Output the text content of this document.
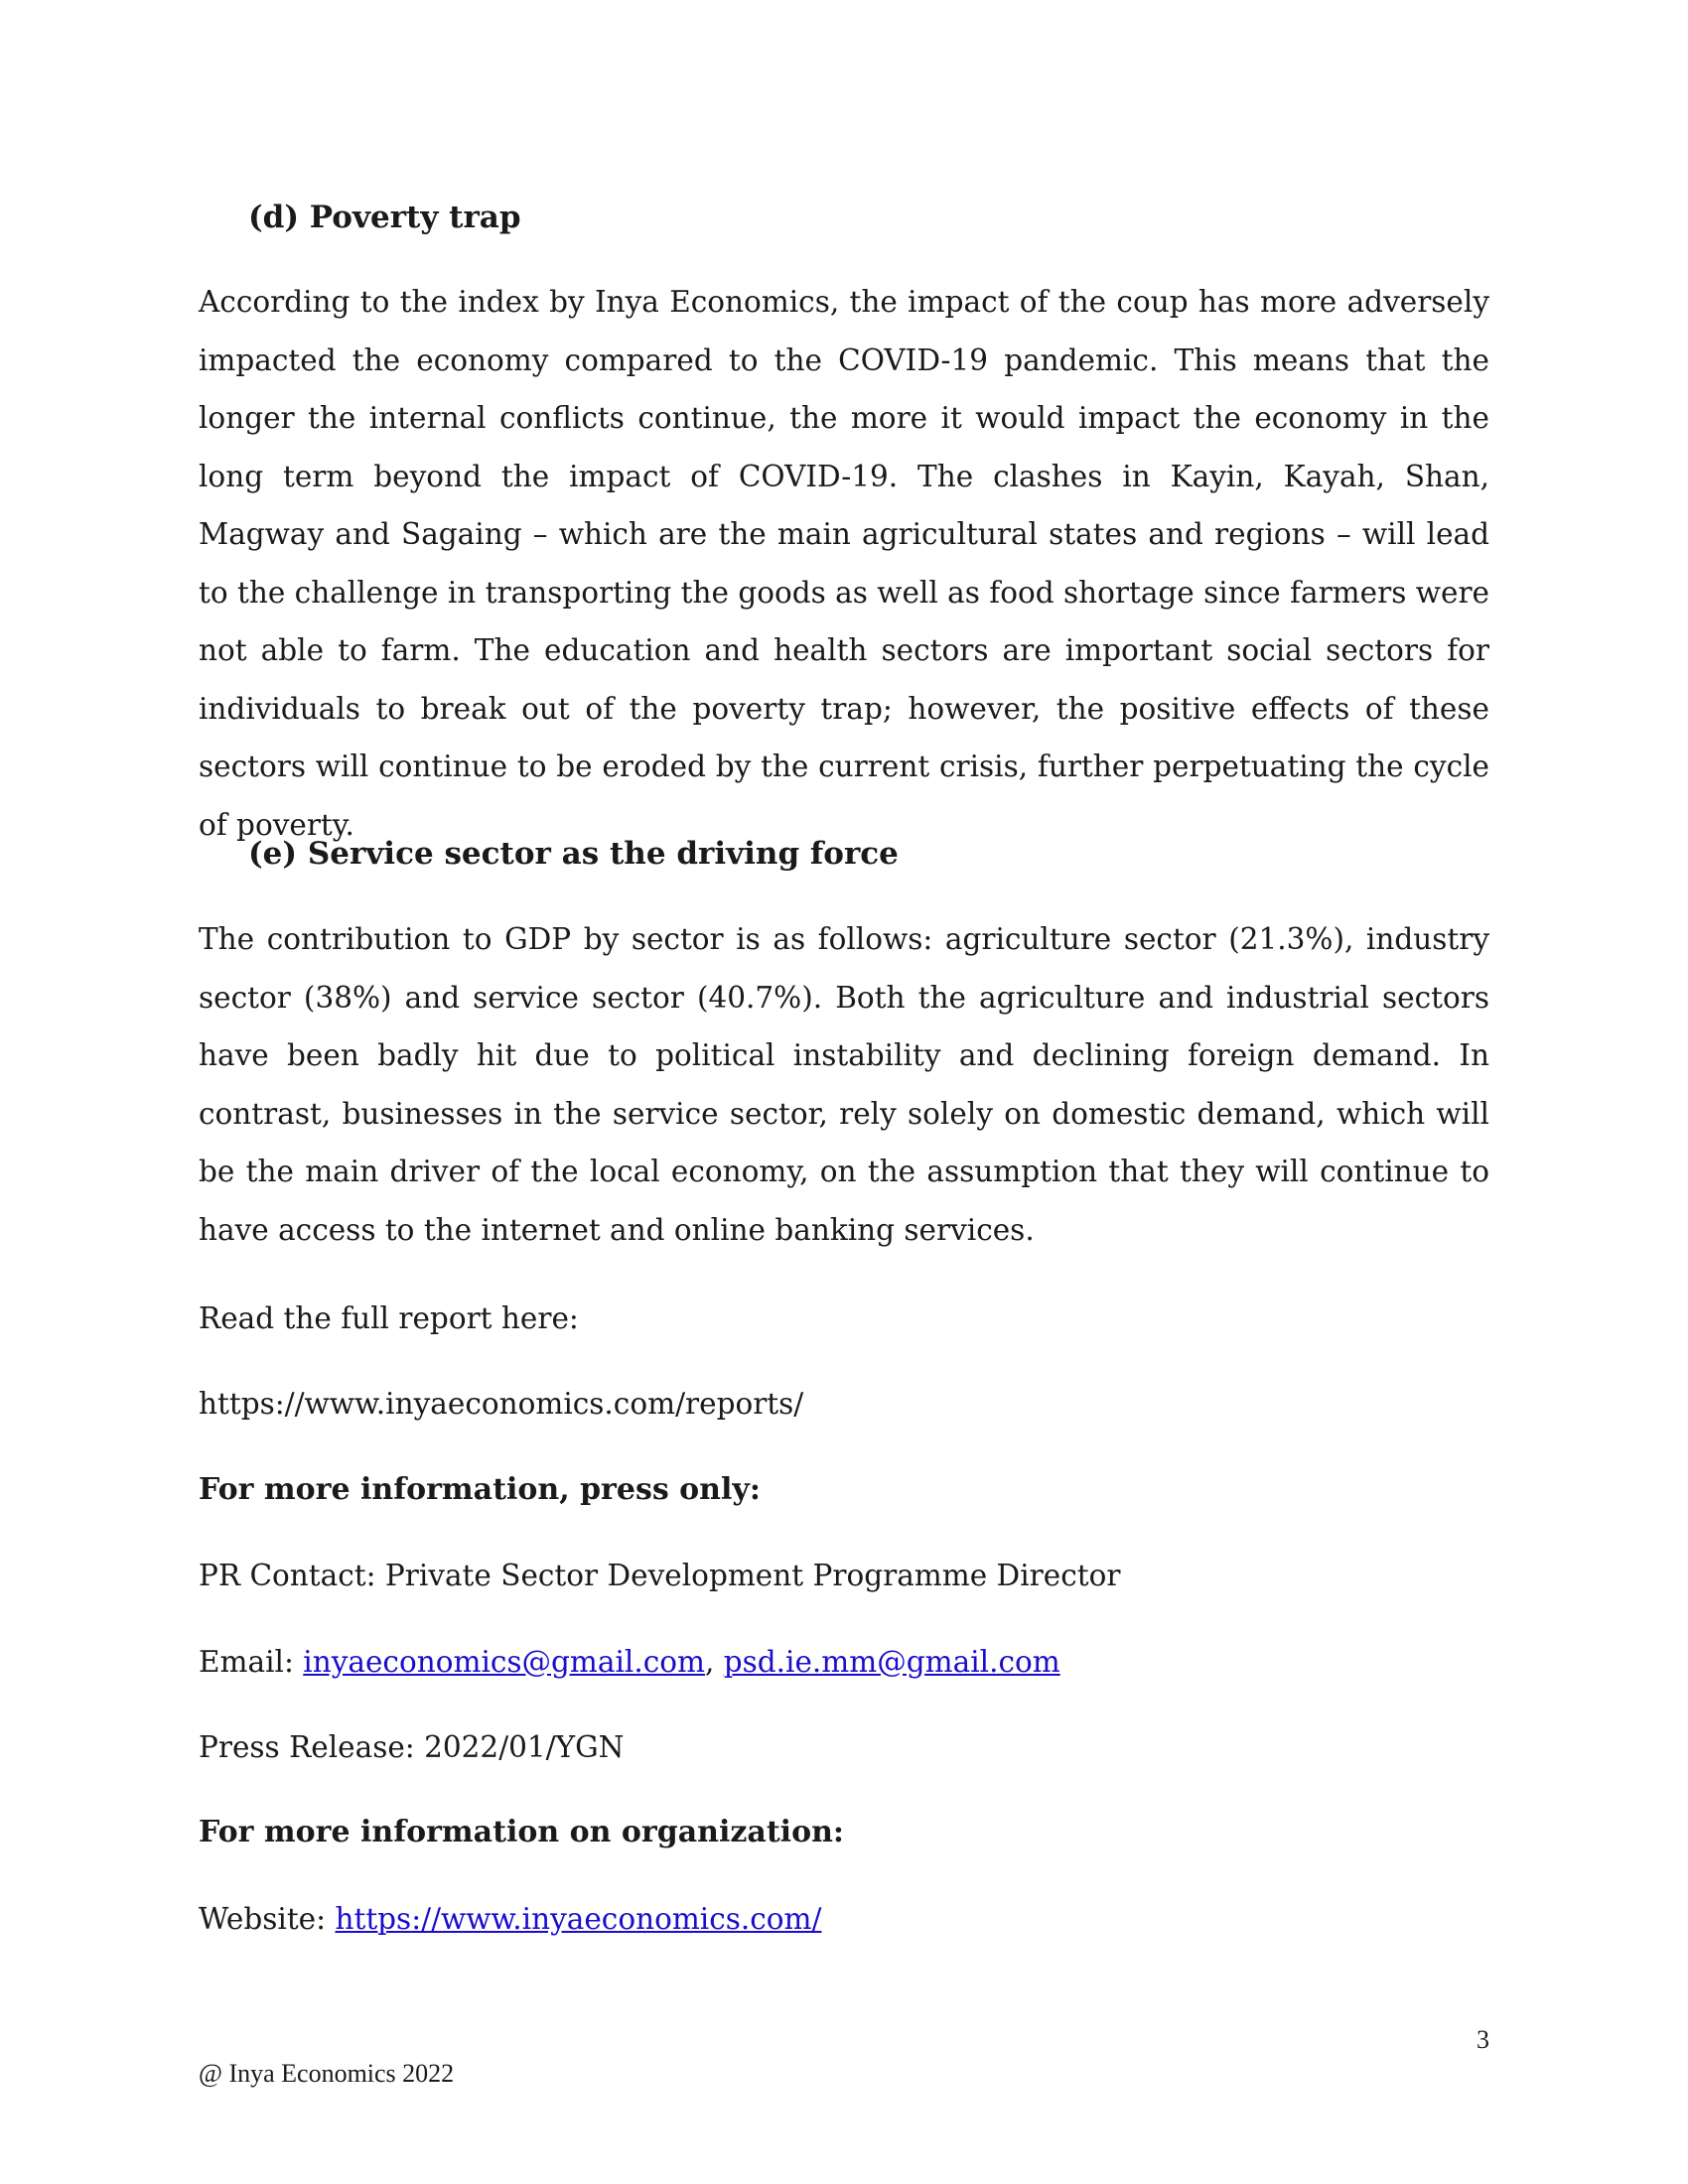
(d) Poverty trap

According to the index by Inya Economics, the impact of the coup has more adversely impacted the economy compared to the COVID-19 pandemic. This means that the longer the internal conflicts continue, the more it would impact the economy in the long term beyond the impact of COVID-19. The clashes in Kayin, Kayah, Shan, Magway and Sagaing – which are the main agricultural states and regions – will lead to the challenge in transporting the goods as well as food shortage since farmers were not able to farm. The education and health sectors are important social sectors for individuals to break out of the poverty trap; however, the positive effects of these sectors will continue to be eroded by the current crisis, further perpetuating the cycle of poverty.

(e) Service sector as the driving force

The contribution to GDP by sector is as follows: agriculture sector (21.3%), industry sector (38%) and service sector (40.7%). Both the agriculture and industrial sectors have been badly hit due to political instability and declining foreign demand. In contrast, businesses in the service sector, rely solely on domestic demand, which will be the main driver of the local economy, on the assumption that they will continue to have access to the internet and online banking services.

Read the full report here:

https://www.inyaeconomics.com/reports/

For more information, press only:

PR Contact: Private Sector Development Programme Director

Email: inyaeconomics@gmail.com, psd.ie.mm@gmail.com

Press Release: 2022/01/YGN

For more information on organization:

Website: https://www.inyaeconomics.com/

3
@ Inya Economics 2022
